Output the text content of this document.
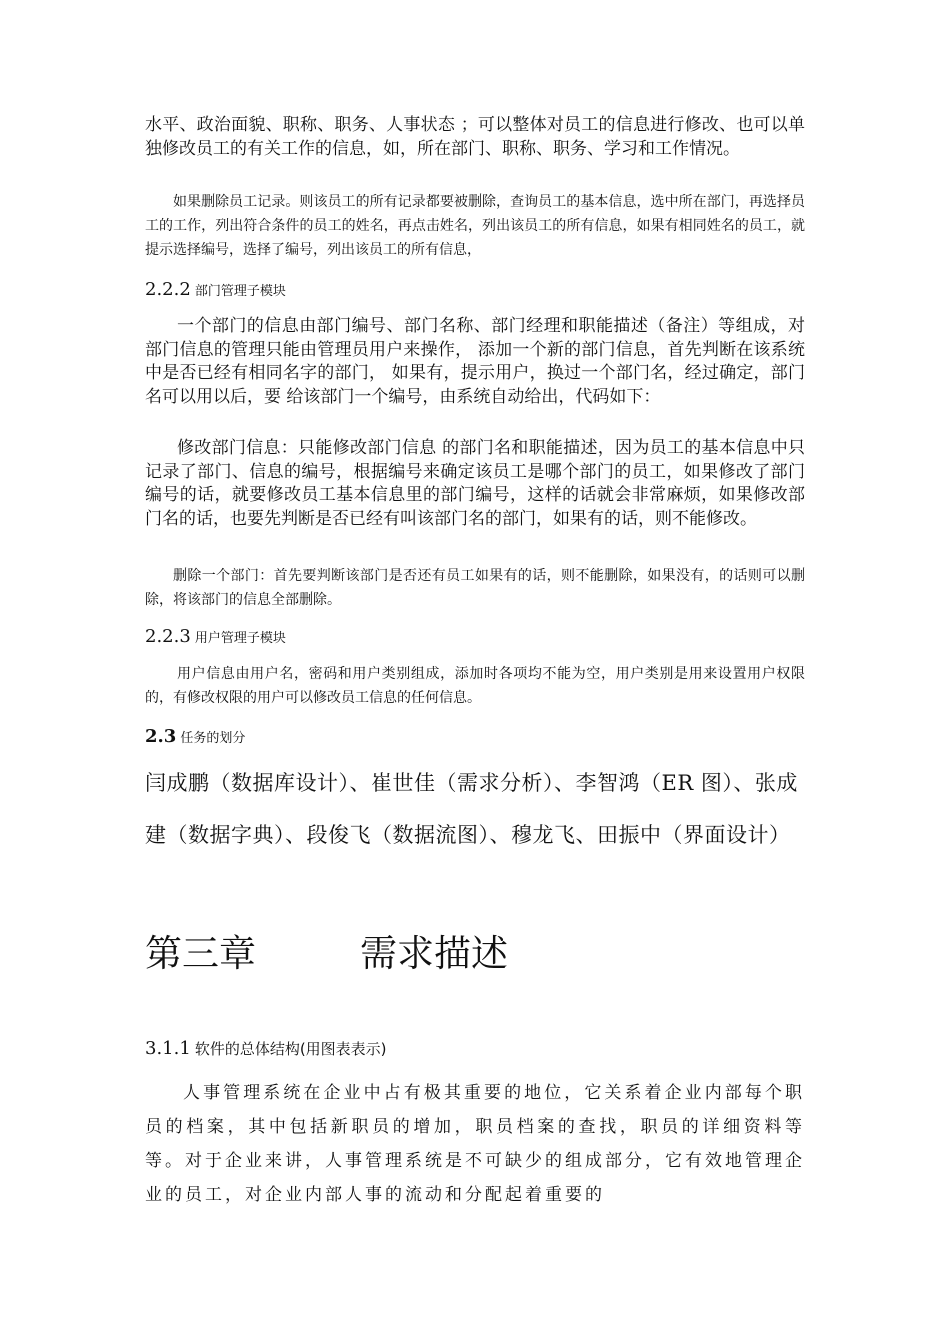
水平、政治面貌、职称、职务、人事状态 ；可以整体对员工的信息进行修改、也可以单独修改员工的有关工作的信息，如，所在部门、职称、职务、学习和工作情况。

如果删除员工记录。则该员工的所有记录都要被删除，查询员工的基本信息，选中所在部门，再选择员工的工作，列出符合条件的员工的姓名，再点击姓名，列出该员工的所有信息，如果有相同姓名的员工，就提示选择编号，选择了编号，列出该员工的所有信息，

2.2.2 部门管理子模块

一个部门的信息由部门编号、部门名称、部门经理和职能描述（备注）等组成，对部门信息的管理只能由管理员用户来操作， 添加一个新的部门信息，首先判断在该系统中是否已经有相同名字的部门， 如果有，提示用户，换过一个部门名，经过确定，部门名可以用以后，要 给该部门一个编号，由系统自动给出，代码如下：

修改部门信息：只能修改部门信息 的部门名和职能描述，因为员工的基本信息中只记录了部门、信息的编号，根据编号来确定该员工是哪个部门的员工，如果修改了部门编号的话，就要修改员工基本信息里的部门编号，这样的话就会非常麻烦，如果修改部门名的话，也要先判断是否已经有叫该部门名的部门，如果有的话，则不能修改。

删除一个部门：首先要判断该部门是否还有员工如果有的话，则不能删除，如果没有，的话则可以删除，将该部门的信息全部删除。

2.2.3 用户管理子模块

用户信息由用户名，密码和用户类别组成，添加时各项均不能为空，用户类别是用来设置用户权限的，有修改权限的用户可以修改员工信息的任何信息。

2.3 任务的划分

闫成鹏（数据库设计）、崔世佳（需求分析）、李智鸿（ER 图）、张成建（数据字典）、段俊飞（数据流图）、穆龙飞、田振中（界面设计）

第三章	需求描述
3.1.1 软件的总体结构(用图表表示)

人事管理系统在企业中占有极其重要的地位，它关系着企业内部每个职员的档案，其中包括新职员的增加，职员档案的查找，职员的详细资料等等。对于企业来讲，人事管理系统是不可缺少的组成部分，它有效地管理企业的员工，对企业内部人事的流动和分配起着重要的
